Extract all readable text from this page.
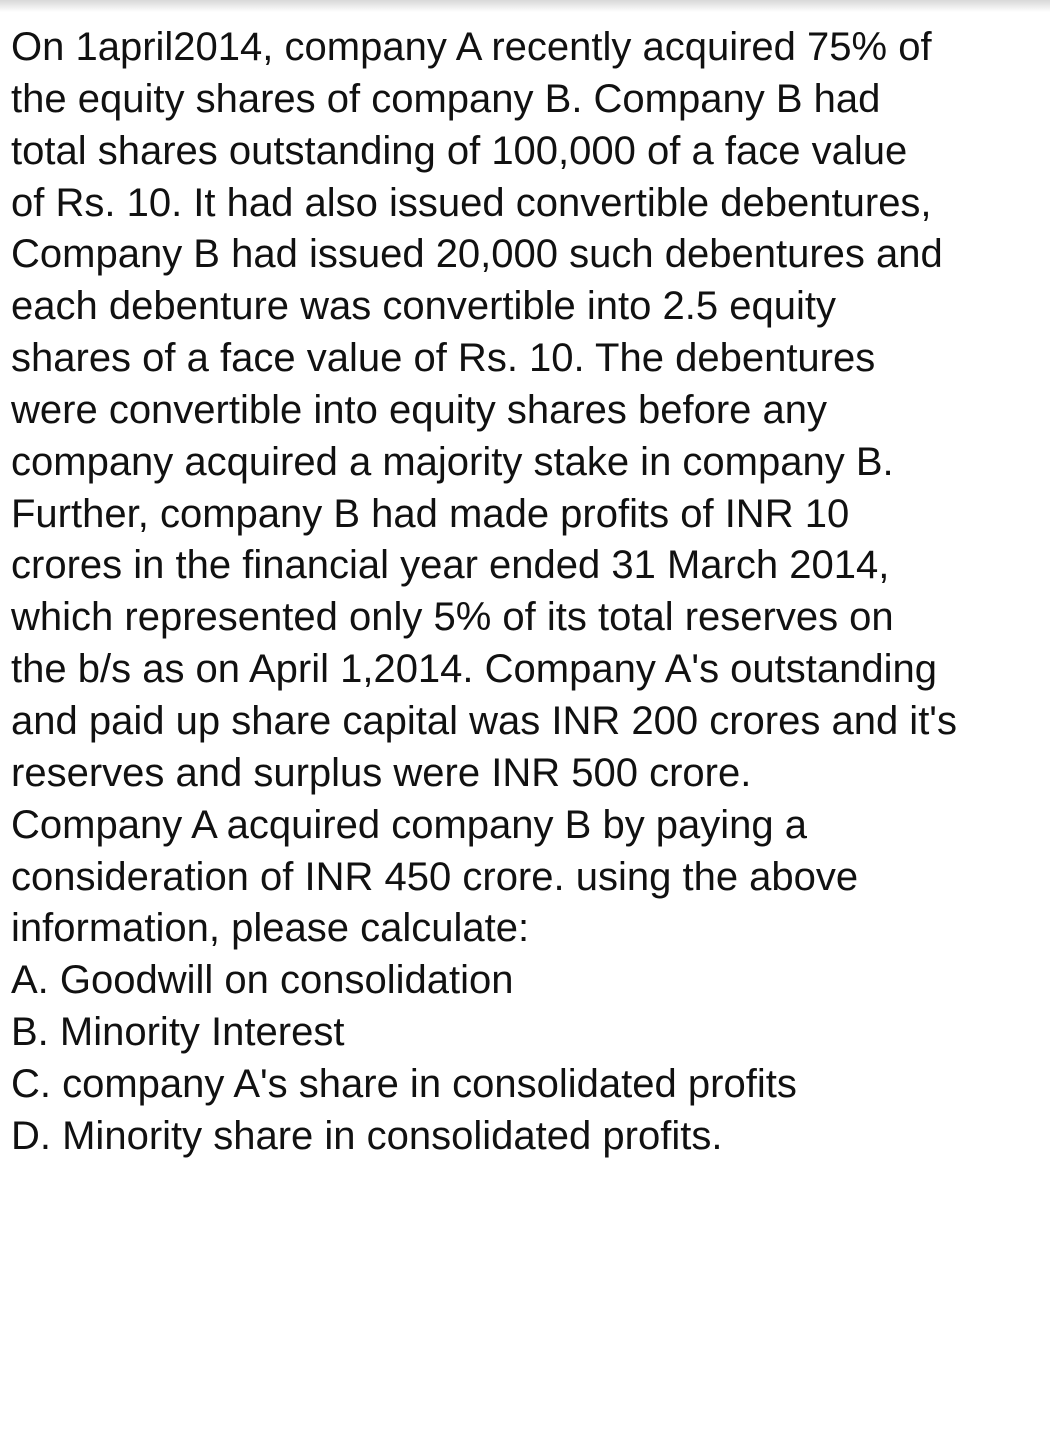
On 1april2014, company A recently acquired 75% of
the equity shares of company B. Company B had
total shares outstanding of 100,000 of a face value
of Rs. 10. It had also issued convertible debentures,
Company B had issued 20,000 such debentures and
each debenture was convertible into 2.5 equity
shares of a face value of Rs. 10. The debentures
were convertible into equity shares before any
company acquired a majority stake in company B.
Further, company B had made profits of INR 10
crores in the financial year ended 31 March 2014,
which represented only 5% of its total reserves on
the b/s as on April 1,2014. Company A's outstanding
and paid up share capital was INR 200 crores and it's
reserves and surplus were INR 500 crore.
Company A acquired company B by paying a
consideration of INR 450 crore. using the above
information, please calculate:
A. Goodwill on consolidation
B. Minority Interest
C. company A's share in consolidated profits
D. Minority share in consolidated profits.
